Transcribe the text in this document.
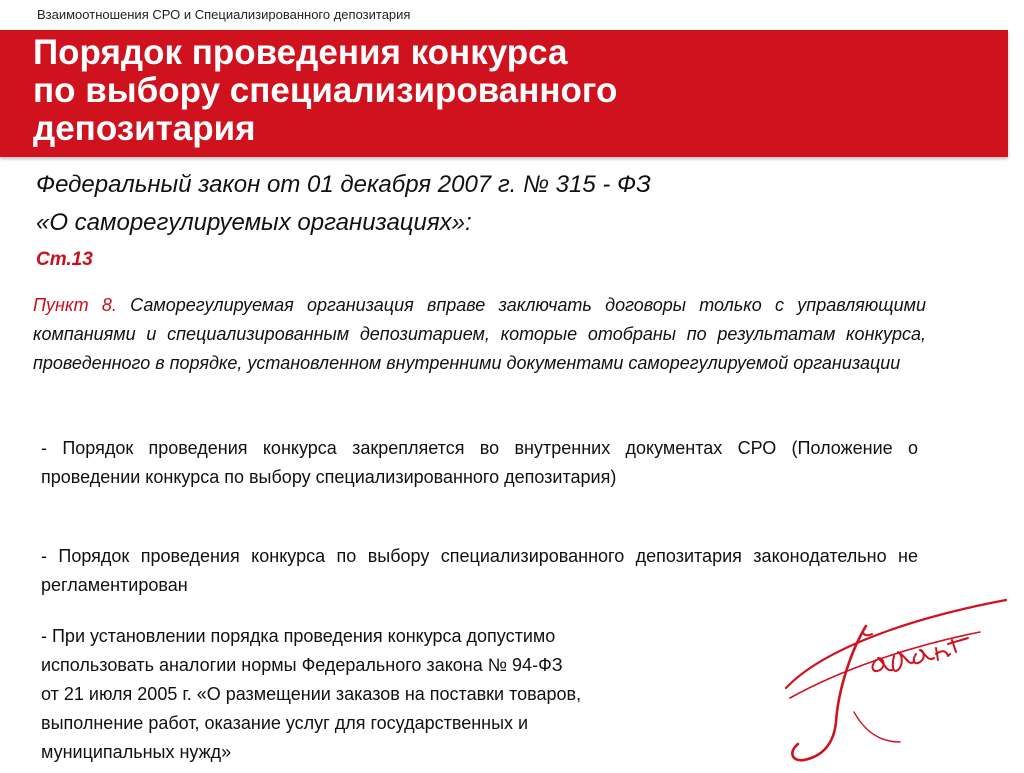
Взаимоотношения СРО и Специализированного депозитария
Порядок проведения конкурса
по выбору специализированного
депозитария
Федеральный закон от 01 декабря 2007 г. № 315 - ФЗ
«О саморегулируемых организациях»:
Ст.13
Пункт 8. Саморегулируемая организация вправе заключать договоры только с управляющими компаниями и специализированным депозитарием, которые отобраны по результатам конкурса, проведенного в порядке, установленном внутренними документами саморегулируемой организации
- Порядок проведения конкурса закрепляется во внутренних документах СРО (Положение о проведении конкурса по выбору специализированного депозитария)
- Порядок проведения конкурса по выбору специализированного депозитария законодательно не регламентирован
- При установлении порядка проведения конкурса допустимо
использовать аналогии нормы Федерального закона № 94-ФЗ
от 21 июля 2005 г. «О размещении заказов на поставки товаров,
выполнение работ, оказание услуг для государственных и
муниципальных нужд»
